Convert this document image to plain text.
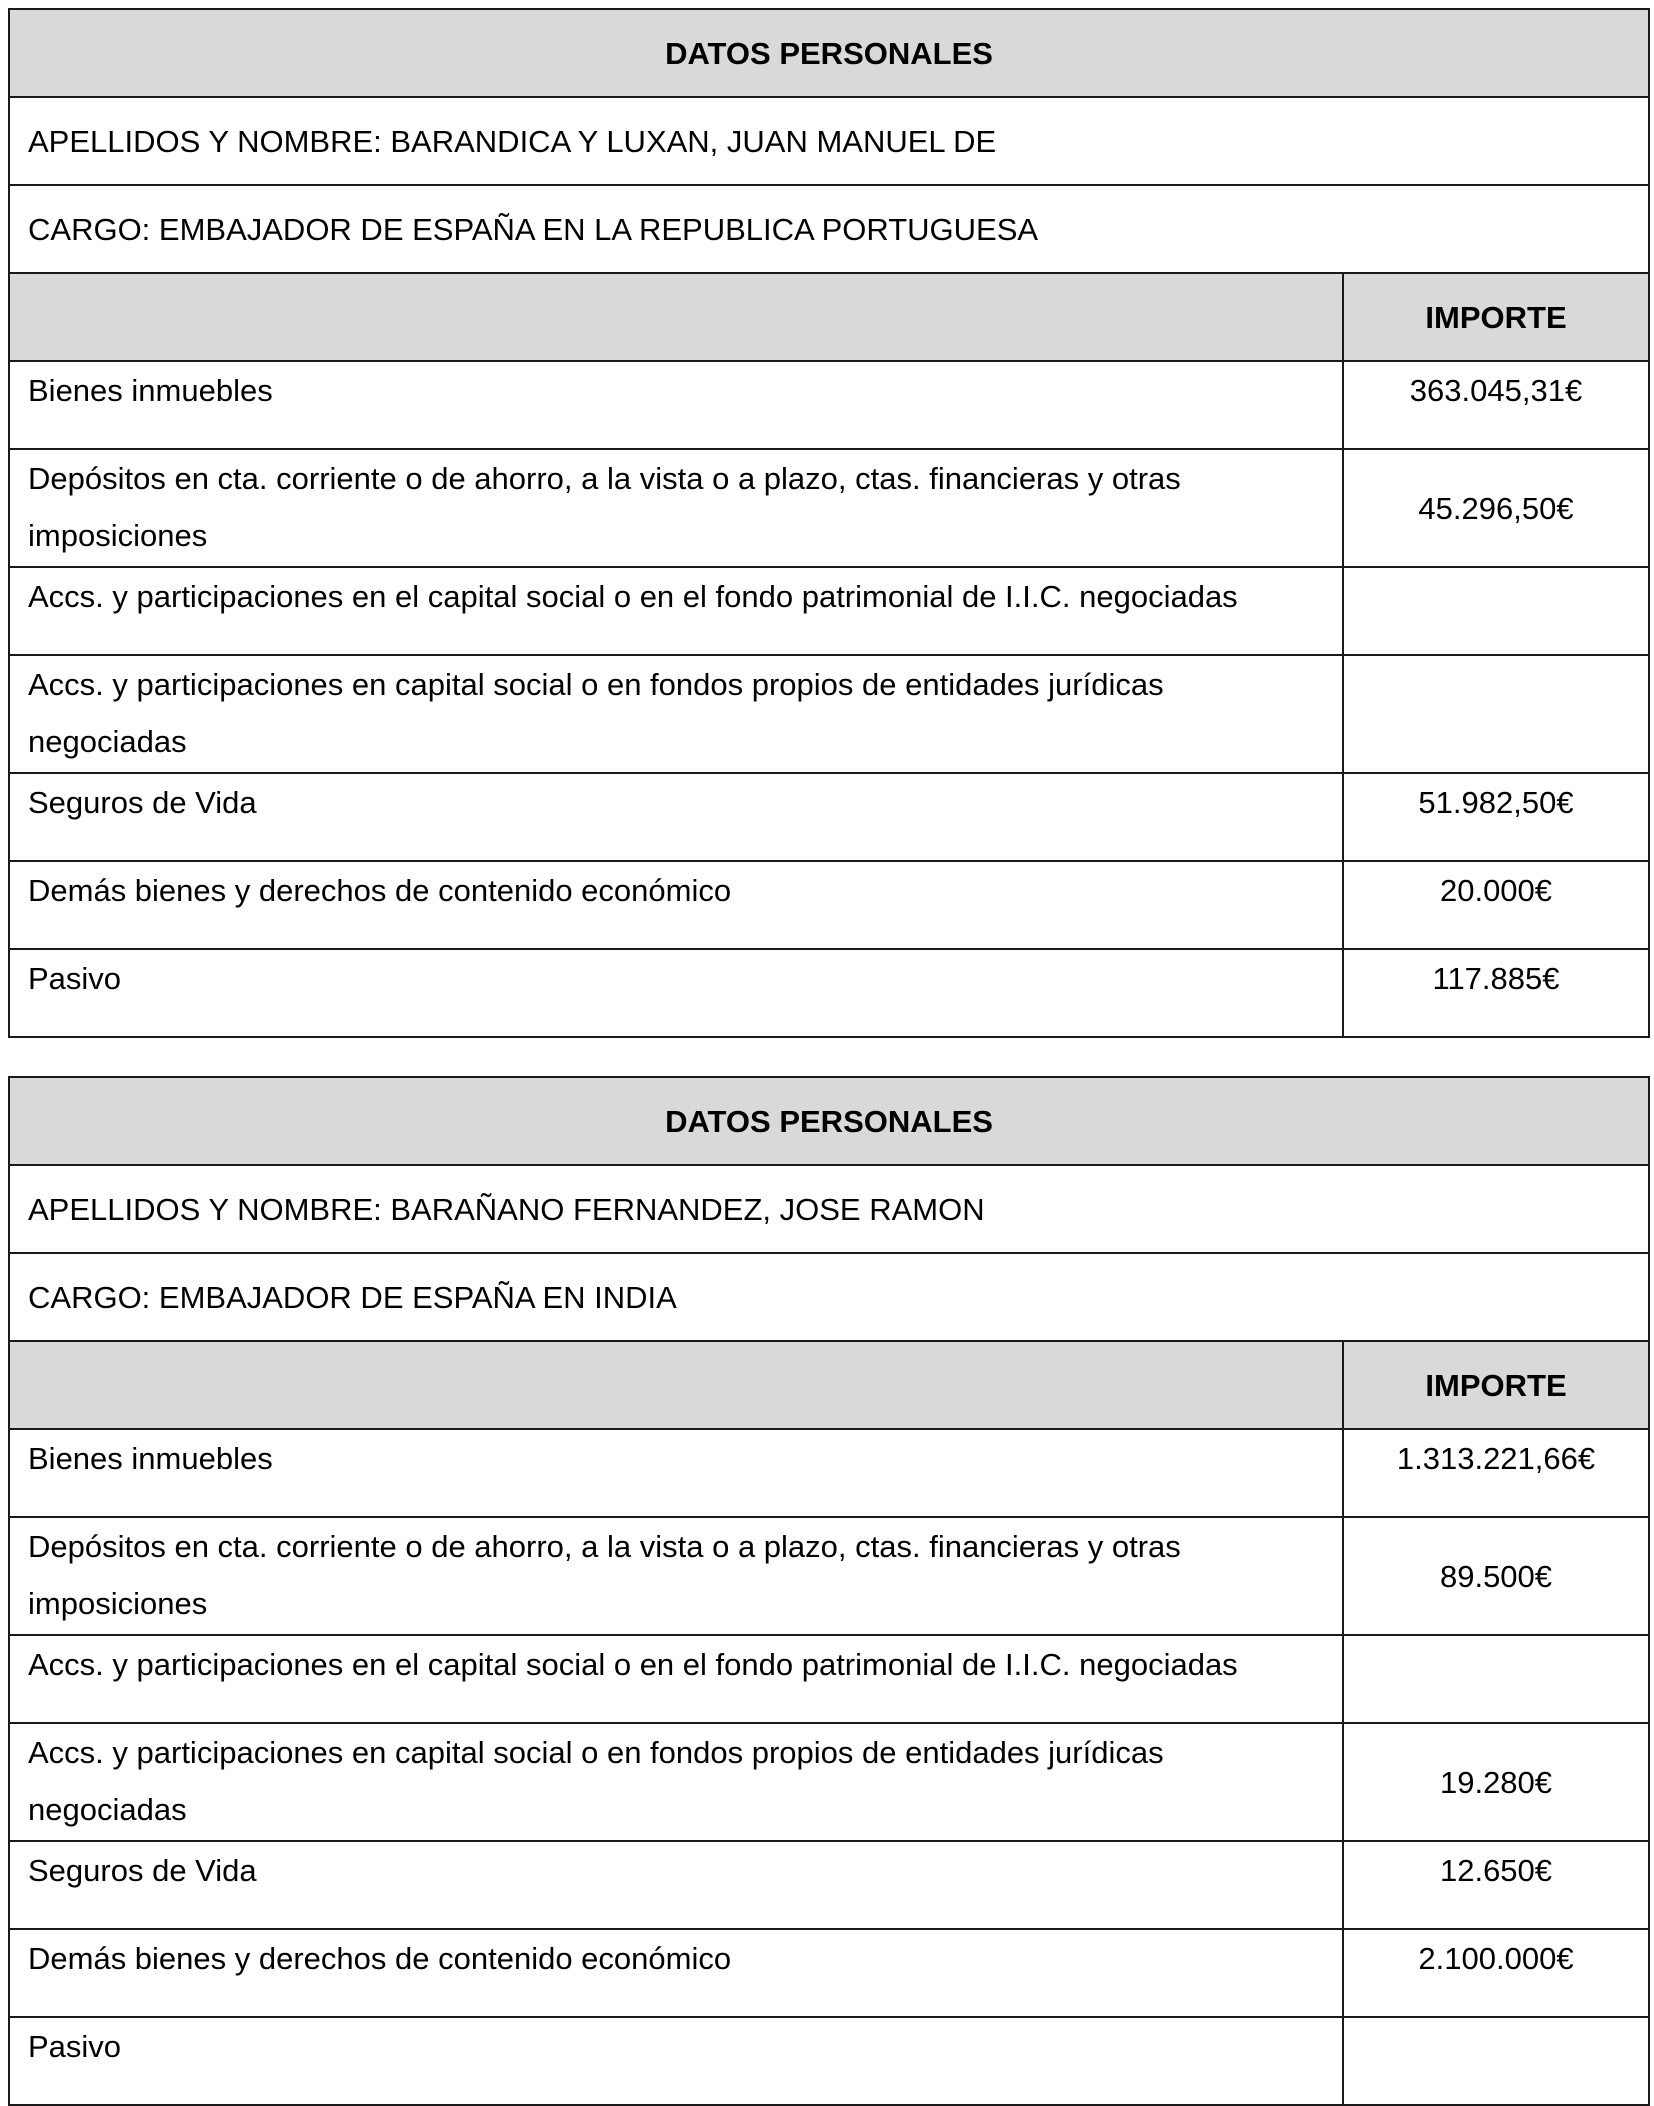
DATOS PERSONALES	
APELLIDOS Y NOMBRE: BARANDICA Y LUXAN, JUAN MANUEL DE	
CARGO: EMBAJADOR DE ESPAÑA EN LA REPUBLICA PORTUGUESA	
	IMPORTE
Bienes inmuebles	363.045,31€
Depósitos en cta. corriente o de ahorro, a la vista o a plazo, ctas. financieras y otras imposiciones	45.296,50€
Accs. y participaciones en el capital social o en el fondo patrimonial de I.I.C. negociadas	
Accs. y participaciones en capital social o en fondos propios de entidades jurídicas negociadas	
Seguros de Vida	51.982,50€
Demás bienes y derechos de contenido económico	20.000€
Pasivo	117.885€
DATOS PERSONALES	
APELLIDOS Y NOMBRE: BARAÑANO FERNANDEZ, JOSE RAMON	
CARGO: EMBAJADOR DE ESPAÑA EN INDIA	
	IMPORTE
Bienes inmuebles	1.313.221,66€
Depósitos en cta. corriente o de ahorro, a la vista o a plazo, ctas. financieras y otras imposiciones	89.500€
Accs. y participaciones en el capital social o en el fondo patrimonial de I.I.C. negociadas	
Accs. y participaciones en capital social o en fondos propios de entidades jurídicas negociadas	19.280€
Seguros de Vida	12.650€
Demás bienes y derechos de contenido económico	2.100.000€
Pasivo	
